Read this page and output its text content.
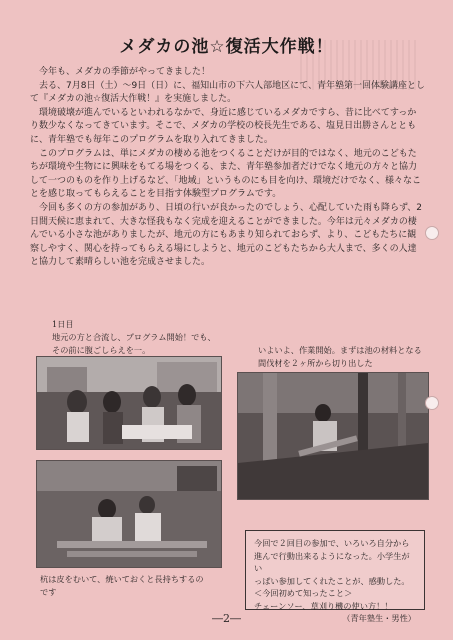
メダカの池☆復活大作戦！

今年も、メダカの季節がやってきました！

去る、7月8日（土）～9日（日）に、福知山市の下六人部地区にて、青年塾第一回体験講座として『メダカの池☆復活大作戦！』を実施しました。

環境破壊が進んでいるといわれるなかで、身近に感じているメダカですら、昔に比べてすっかり数少なくなってきています。そこで、メダカの学校の校長先生である、塩見日出勝さんとともに、青年塾でも毎年このプログラムを取り入れてきました。

このプログラムは、単にメダカの棲める池をつくることだけが目的ではなく、地元のこどもたちが環境や生物にに興味をもてる場をつくる、また、青年塾参加者だけでなく地元の方々と協力して一つのものを作り上げるなど、「地域」というものにも目を向け、環境だけでなく、様々なことを感じ取ってもらえることを目指す体験型プログラムです。

今回も多くの方の参加があり、日頃の行いが良かったのでしょう、心配していた雨も降らず、2日間天候に恵まれて、大きな怪我もなく完成を迎えることができました。今年は元々メダカの棲んでいる小さな池がありましたが、地元の方にもあまり知られておらず、より、こどもたちに観察しやすく、関心を持ってもらえる場にしようと、地元のこどもたちから大人まで、多くの人達と協力して素晴らしい池を完成させました。

1日目
地元の方と合流し、プログラム開始！でも、
その前に腹ごしらえを一。	いよいよ、作業開始。まずは池の材料となる
間伐材を２ヶ所から切り出した
杭は皮をむいて、焼いておくと長持ちするの
です
今回で２回目の参加で、いろいろ自分から
進んで行動出来るようになった。小学生がい
っぱい参加してくれたことが、感動した。
＜今回初めて知ったこと＞
チェーンソー、草刈り機の使い方！！
（青年塾生・男性）
―2―
